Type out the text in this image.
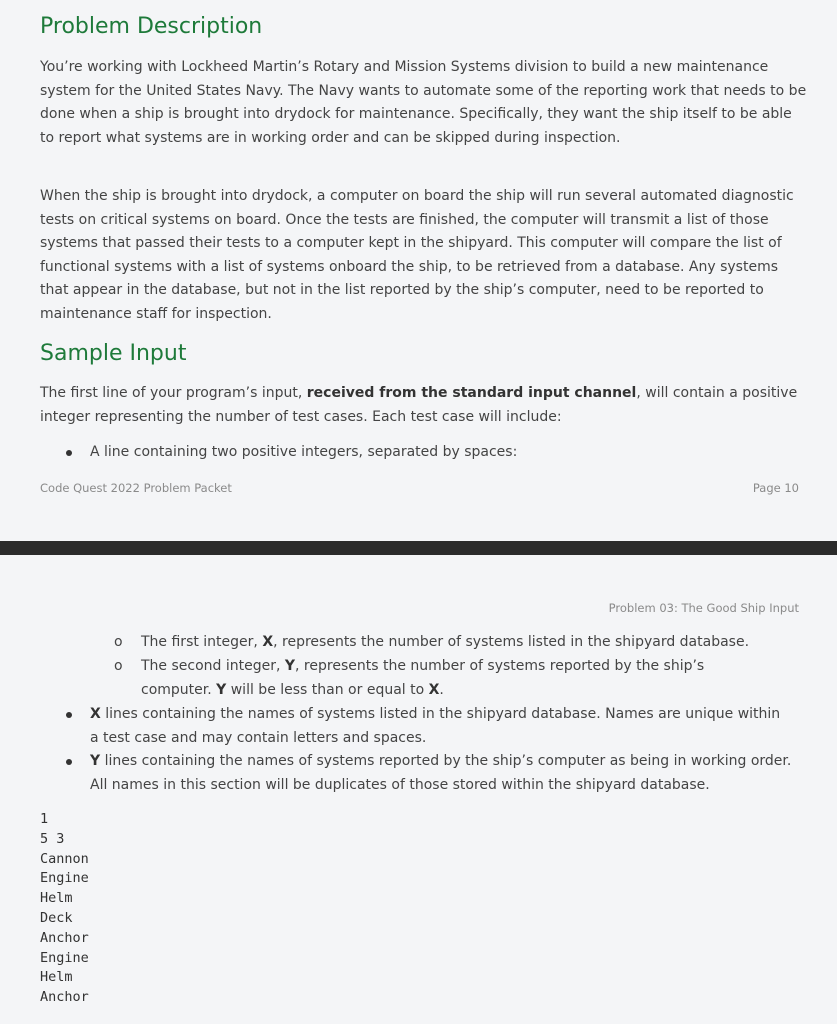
Problem Description

You’re working with Lockheed Martin’s Rotary and Mission Systems division to build a new maintenance system for the United States Navy. The Navy wants to automate some of the reporting work that needs to be done when a ship is brought into drydock for maintenance. Specifically, they want the ship itself to be able to report what systems are in working order and can be skipped during inspection.

When the ship is brought into drydock, a computer on board the ship will run several automated diagnostic tests on critical systems on board. Once the tests are finished, the computer will transmit a list of those systems that passed their tests to a computer kept in the shipyard. This computer will compare the list of functional systems with a list of systems onboard the ship, to be retrieved from a database. Any systems that appear in the database, but not in the list reported by the ship’s computer, need to be reported to maintenance staff for inspection.

Sample Input

The first line of your program’s input, received from the standard input channel, will contain a positive integer representing the number of test cases. Each test case will include:

A line containing two positive integers, separated by spaces:

Code Quest 2022 Problem Packet	Page 10
Problem 03: The Good Ship Input

o The first integer, X, represents the number of systems listed in the shipyard database.

o The second integer, Y, represents the number of systems reported by the ship’s computer. Y will be less than or equal to X.

X lines containing the names of systems listed in the shipyard database. Names are unique within a test case and may contain letters and spaces.

Y lines containing the names of systems reported by the ship’s computer as being in working order. All names in this section will be duplicates of those stored within the shipyard database.

1
5 3
Cannon
Engine
Helm
Deck
Anchor
Engine
Helm
Anchor
